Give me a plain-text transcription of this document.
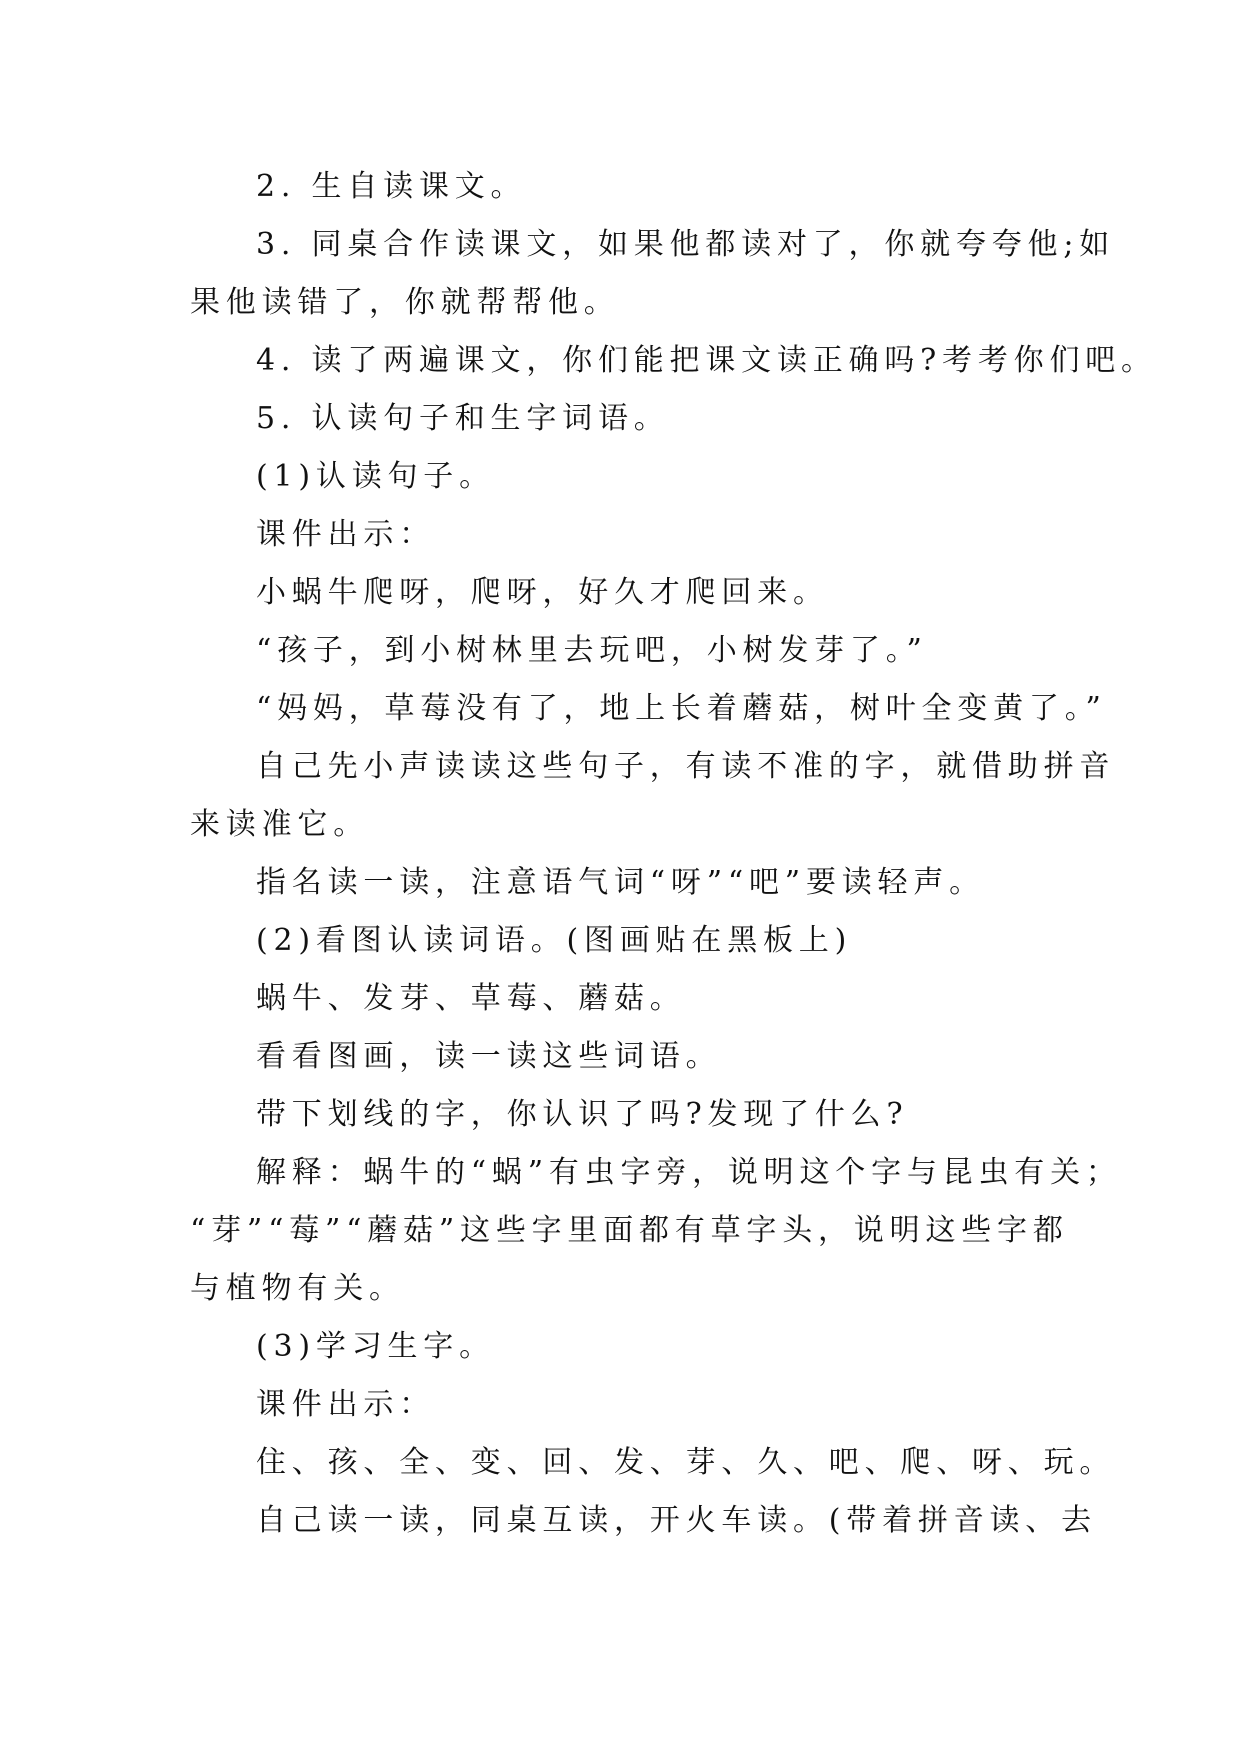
2. 生自读课文。
3. 同桌合作读课文，如果他都读对了，你就夸夸他;如
果他读错了，你就帮帮他。
4. 读了两遍课文，你们能把课文读正确吗?考考你们吧。
5. 认读句子和生字词语。
(1)认读句子。
课件出示：
小蜗牛爬呀，爬呀，好久才爬回来。
“孩子，到小树林里去玩吧，小树发芽了。”
“妈妈，草莓没有了，地上长着蘑菇，树叶全变黄了。”
自己先小声读读这些句子，有读不准的字，就借助拼音
来读准它。
指名读一读，注意语气词“呀”“吧”要读轻声。
(2)看图认读词语。(图画贴在黑板上)
蜗牛、发芽、草莓、蘑菇。
看看图画，读一读这些词语。
带下划线的字，你认识了吗?发现了什么?
解释：蜗牛的“蜗”有虫字旁，说明这个字与昆虫有关；
“芽”“莓”“蘑菇”这些字里面都有草字头，说明这些字都
与植物有关。
(3)学习生字。
课件出示：
住、孩、全、变、回、发、芽、久、吧、爬、呀、玩。
自己读一读，同桌互读，开火车读。(带着拼音读、去
